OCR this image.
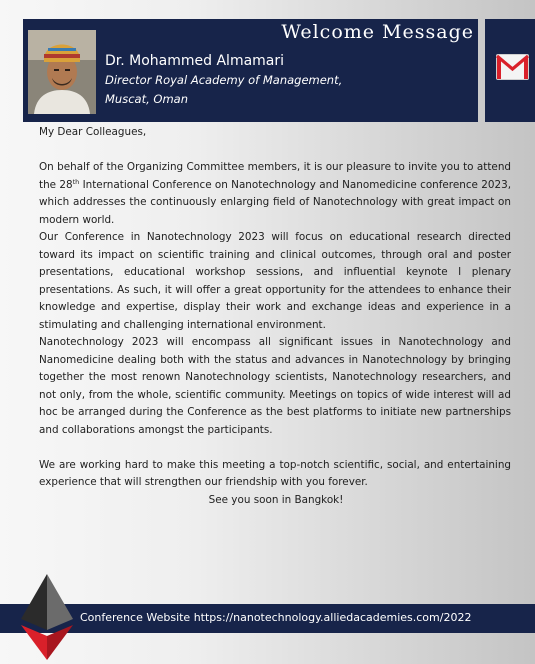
Welcome Message
Dr. Mohammed Almamari
Director Royal Academy of Management,
Muscat, Oman

My Dear Colleagues,

On behalf of the Organizing Committee members, it is our pleasure to invite you to attend the 28th International Conference on Nanotechnology and Nanomedicine conference 2023, which addresses the continuously enlarging field of Nanotechnology with great impact on modern world.

Our Conference in Nanotechnology 2023 will focus on educational research directed toward its impact on scientific training and clinical outcomes, through oral and poster presentations, educational workshop sessions, and influential keynote I plenary presentations. As such, it will offer a great opportunity for the attendees to enhance their knowledge and expertise, display their work and exchange ideas and experience in a stimulating and challenging international environment.

Nanotechnology 2023 will encompass all significant issues in Nanotechnology and Nanomedicine dealing both with the status and advances in Nanotechnology by bringing together the most renown Nanotechnology scientists, Nanotechnology researchers, and not only, from the whole, scientific community. Meetings on topics of wide interest will ad hoc be arranged during the Conference as the best platforms to initiate new partnerships and collaborations amongst the participants.

We are working hard to make this meeting a top-notch scientific, social, and entertaining experience that will strengthen our friendship with you forever.

See you soon in Bangkok!

Conference Website https://nanotechnology.alliedacademies.com/2022
